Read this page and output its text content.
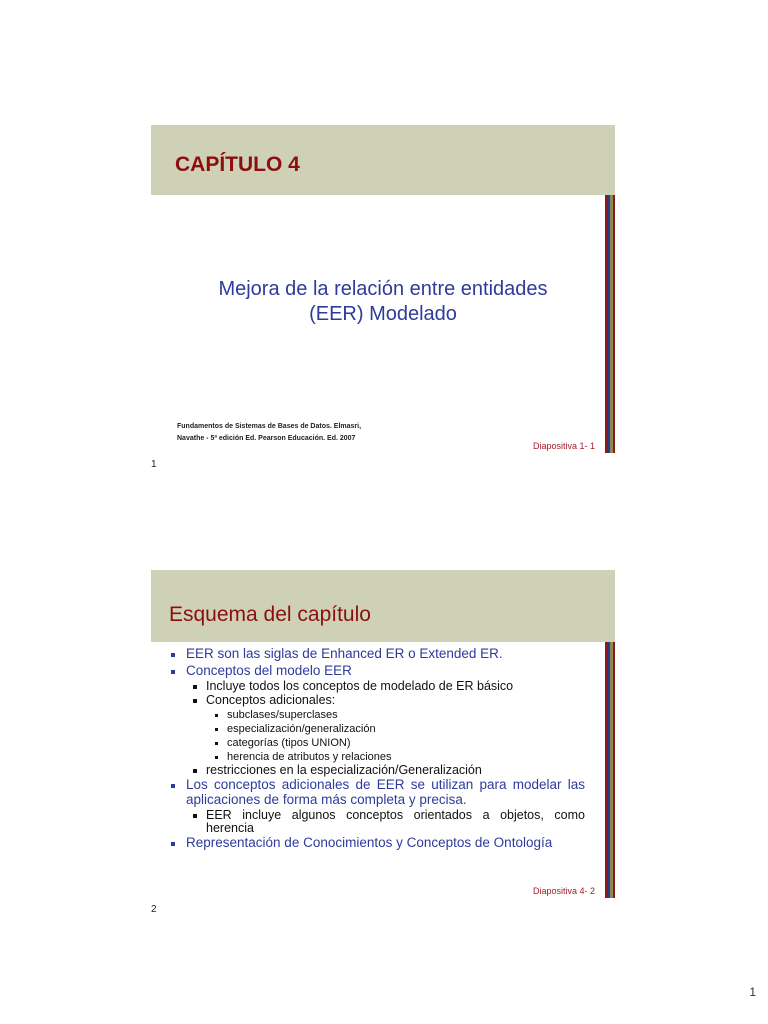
CAPÍTULO 4
Mejora de la relación entre entidades
(EER) Modelado
Fundamentos de Sistemas de Bases de Datos. Elmasri,
Navathe - 5ª edición Ed. Pearson Educación. Ed. 2007
Diapositiva 1- 1
1
Esquema del capítulo
EER son las siglas de Enhanced ER o Extended ER.
Conceptos del modelo EER
Incluye todos los conceptos de modelado de ER básico
Conceptos adicionales:
subclases/superclases
especialización/generalización
categorías (tipos UNION)
herencia de atributos y relaciones
restricciones en la especialización/Generalización
Los conceptos adicionales de EER se utilizan para modelar las aplicaciones de forma más completa y precisa.
EER incluye algunos conceptos orientados a objetos, como herencia
Representación de Conocimientos y Conceptos de Ontología
Diapositiva 4- 2
2
1
